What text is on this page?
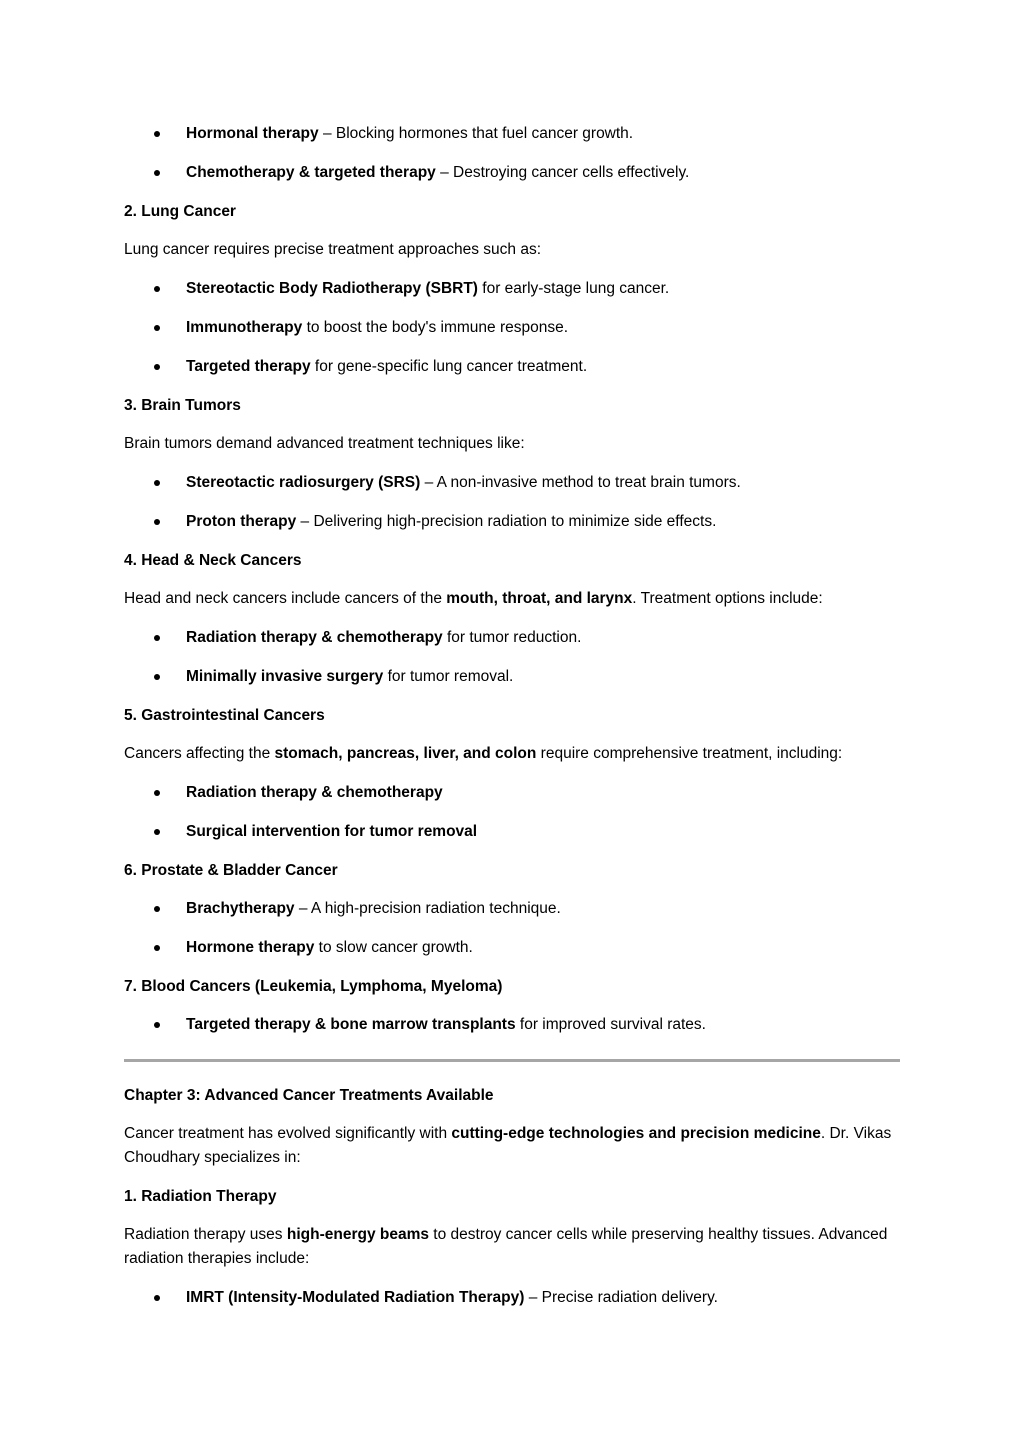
Hormonal therapy – Blocking hormones that fuel cancer growth.
Chemotherapy & targeted therapy – Destroying cancer cells effectively.
2. Lung Cancer
Lung cancer requires precise treatment approaches such as:
Stereotactic Body Radiotherapy (SBRT) for early-stage lung cancer.
Immunotherapy to boost the body's immune response.
Targeted therapy for gene-specific lung cancer treatment.
3. Brain Tumors
Brain tumors demand advanced treatment techniques like:
Stereotactic radiosurgery (SRS) – A non-invasive method to treat brain tumors.
Proton therapy – Delivering high-precision radiation to minimize side effects.
4. Head & Neck Cancers
Head and neck cancers include cancers of the mouth, throat, and larynx. Treatment options include:
Radiation therapy & chemotherapy for tumor reduction.
Minimally invasive surgery for tumor removal.
5. Gastrointestinal Cancers
Cancers affecting the stomach, pancreas, liver, and colon require comprehensive treatment, including:
Radiation therapy & chemotherapy
Surgical intervention for tumor removal
6. Prostate & Bladder Cancer
Brachytherapy – A high-precision radiation technique.
Hormone therapy to slow cancer growth.
7. Blood Cancers (Leukemia, Lymphoma, Myeloma)
Targeted therapy & bone marrow transplants for improved survival rates.
Chapter 3: Advanced Cancer Treatments Available
Cancer treatment has evolved significantly with cutting-edge technologies and precision medicine. Dr. Vikas Choudhary specializes in:
1. Radiation Therapy
Radiation therapy uses high-energy beams to destroy cancer cells while preserving healthy tissues. Advanced radiation therapies include:
IMRT (Intensity-Modulated Radiation Therapy) – Precise radiation delivery.
